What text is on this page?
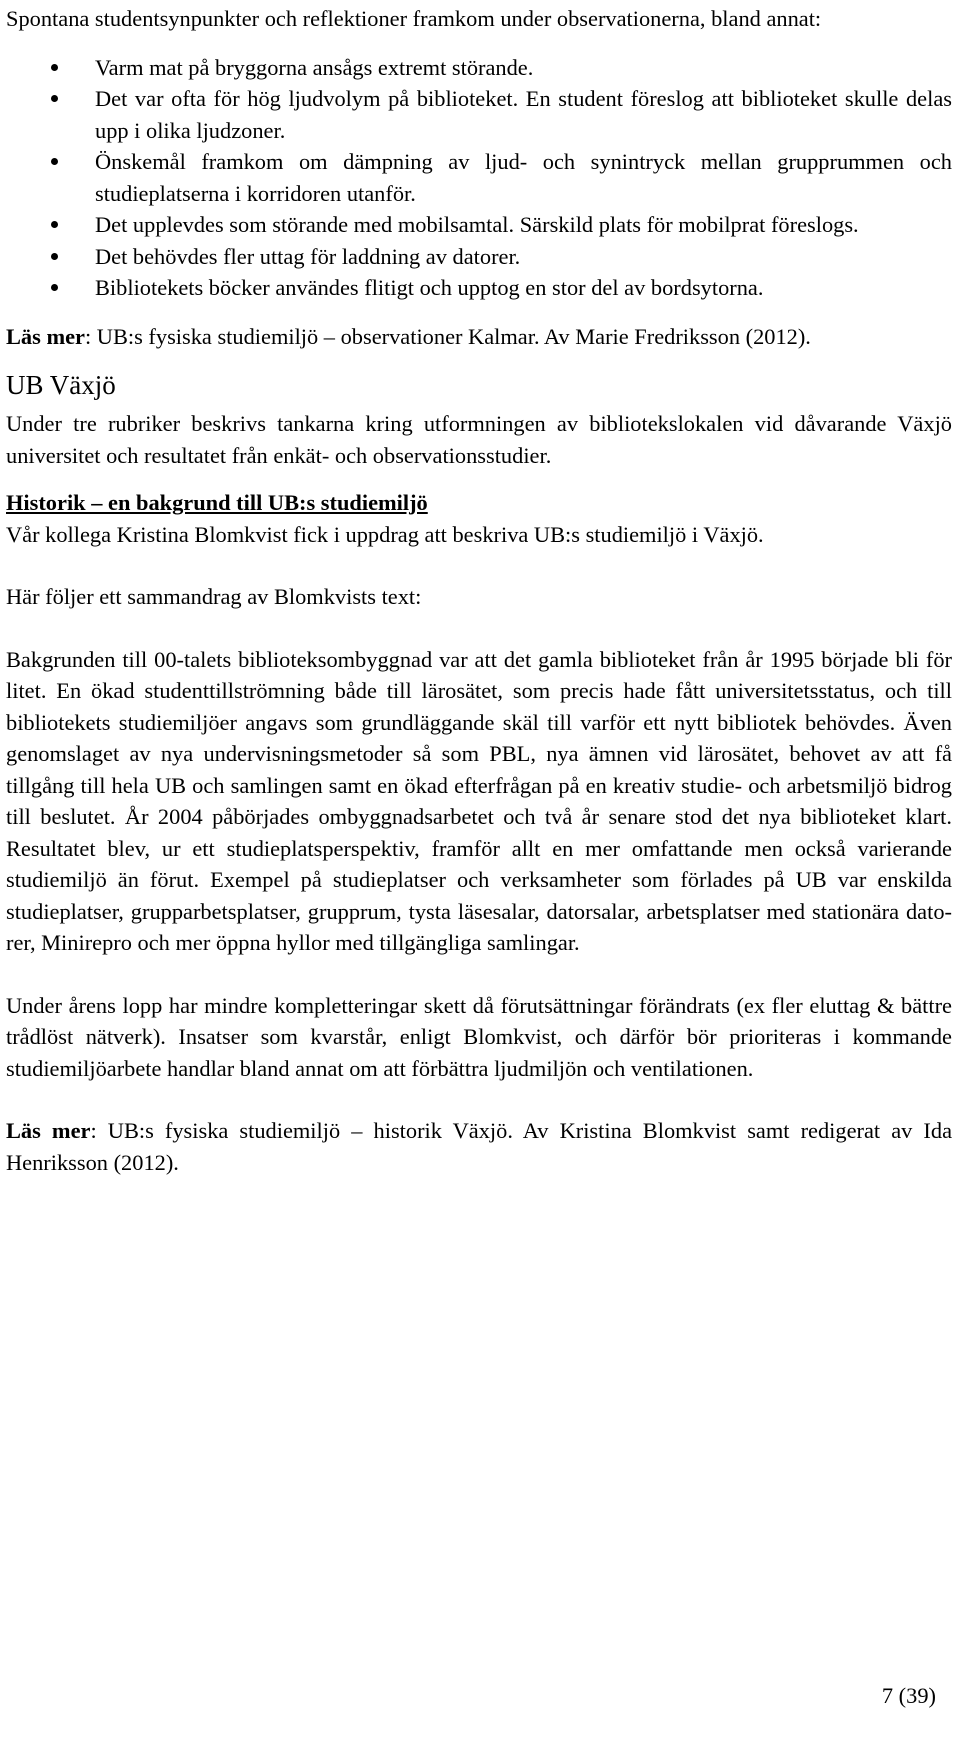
Spontana studentsynpunkter och reflektioner framkom under observationerna, bland annat:

Varm mat på bryggorna ansågs extremt störande.
Det var ofta för hög ljudvolym på biblioteket. En student föreslog att biblioteket skulle delas upp i olika ljudzoner.
Önskemål framkom om dämpning av ljud- och synintryck mellan grupprummen och studieplatserna i korridoren utanför.
Det upplevdes som störande med mobilsamtal. Särskild plats för mobilprat föreslogs.
Det behövdes fler uttag för laddning av datorer.
Bibliotekets böcker användes flitigt och upptog en stor del av bordsytorna.

Läs mer: UB:s fysiska studiemiljö – observationer Kalmar. Av Marie Fredriksson (2012).

UB Växjö

Under tre rubriker beskrivs tankarna kring utformningen av bibliotekslokalen vid dåvarande Växjö universitet och resultatet från enkät- och observationsstudier.

Historik – en bakgrund till UB:s studiemiljö

Vår kollega Kristina Blomkvist fick i uppdrag att beskriva UB:s studiemiljö i Växjö.

Här följer ett sammandrag av Blomkvists text:

Bakgrunden till 00-talets biblioteksombyggnad var att det gamla biblioteket från år 1995 började bli för litet. En ökad studenttillströmning både till lärosätet, som precis hade fått universitetsstatus, och till bibliotekets studiemiljöer angavs som grundläggande skäl till varför ett nytt bibliotek behövdes. Även genomslaget av nya undervisningsmetoder så som PBL, nya ämnen vid lärosätet, behovet av att få tillgång till hela UB och samlingen samt en ökad efterfrågan på en kreativ studie- och arbetsmiljö bidrog till beslutet. År 2004 påbörjades ombyggnadsarbetet och två år senare stod det nya biblioteket klart. Resultatet blev, ur ett studieplatsperspektiv, framför allt en mer omfattande men också varierande studiemiljö än förut. Exempel på studieplatser och verksamheter som förlades på UB var enskilda studieplatser, grupparbetsplatser, grupprum, tysta läsesalar, datorsalar, arbetsplatser med stationära datorer, Minirepro och mer öppna hyllor med tillgängliga samlingar.

Under årens lopp har mindre kompletteringar skett då förutsättningar förändrats (ex fler eluttag & bättre trådlöst nätverk). Insatser som kvarstår, enligt Blomkvist, och därför bör prioriteras i kommande studiemiljöarbete handlar bland annat om att förbättra ljudmiljön och ventilationen.

Läs mer: UB:s fysiska studiemiljö – historik Växjö. Av Kristina Blomkvist samt redigerat av Ida Henriksson (2012).

7 (39)
